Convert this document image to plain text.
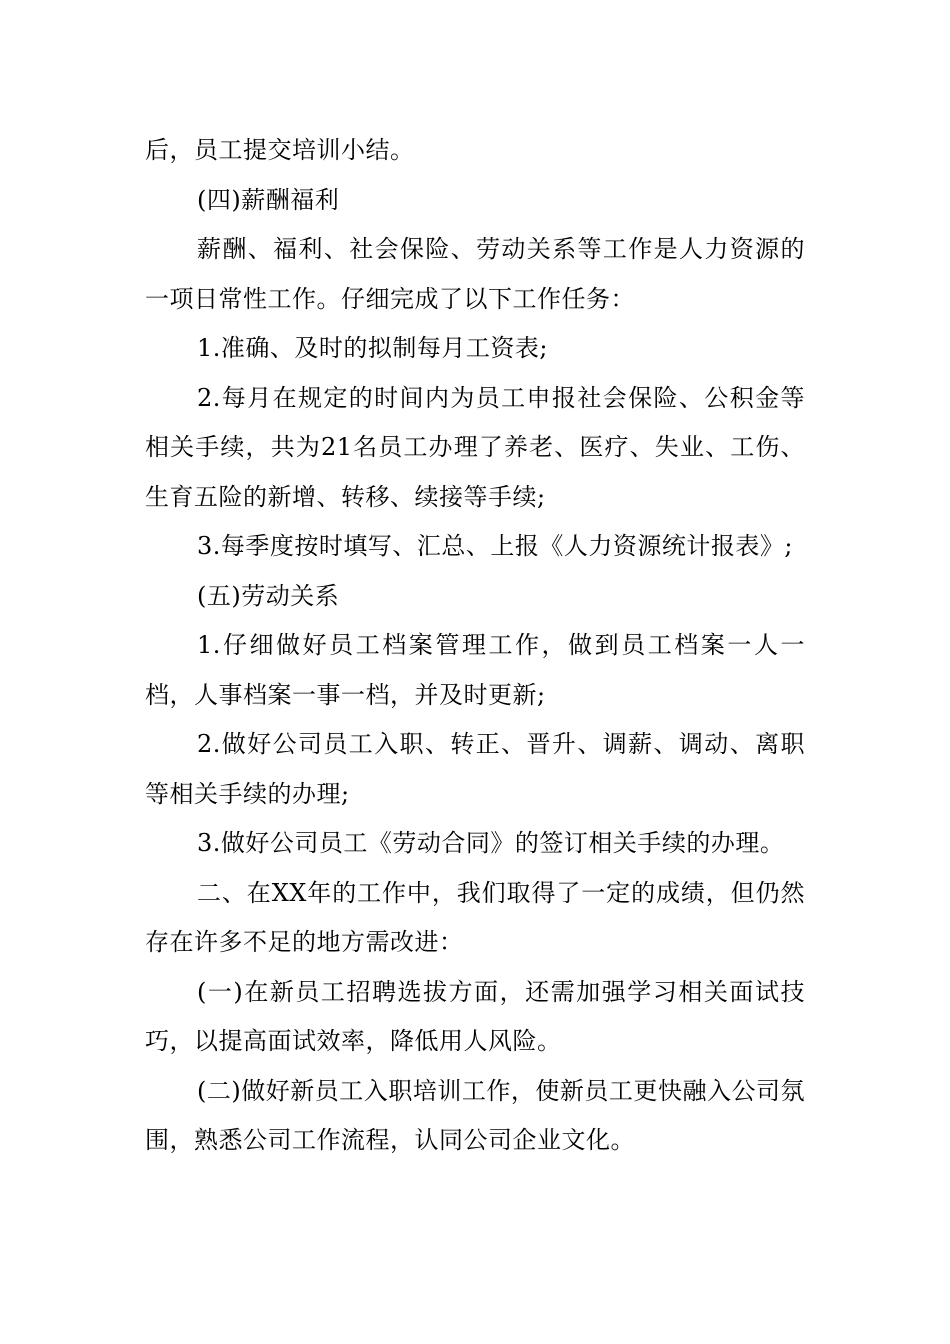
后，员工提交培训小结。

(四)薪酬福利

薪酬、福利、社会保险、劳动关系等工作是人力资源的一项日常性工作。仔细完成了以下工作任务：

1.准确、及时的拟制每月工资表;

2.每月在规定的时间内为员工申报社会保险、公积金等相关手续，共为21名员工办理了养老、医疗、失业、工伤、生育五险的新增、转移、续接等手续;

3.每季度按时填写、汇总、上报《人力资源统计报表》;

(五)劳动关系

1.仔细做好员工档案管理工作，做到员工档案一人一档，人事档案一事一档，并及时更新;

2.做好公司员工入职、转正、晋升、调薪、调动、离职等相关手续的办理;

3.做好公司员工《劳动合同》的签订相关手续的办理。

二、在XX年的工作中，我们取得了一定的成绩，但仍然存在许多不足的地方需改进：

(一)在新员工招聘选拔方面，还需加强学习相关面试技巧，以提高面试效率，降低用人风险。

(二)做好新员工入职培训工作，使新员工更快融入公司氛围，熟悉公司工作流程，认同公司企业文化。
